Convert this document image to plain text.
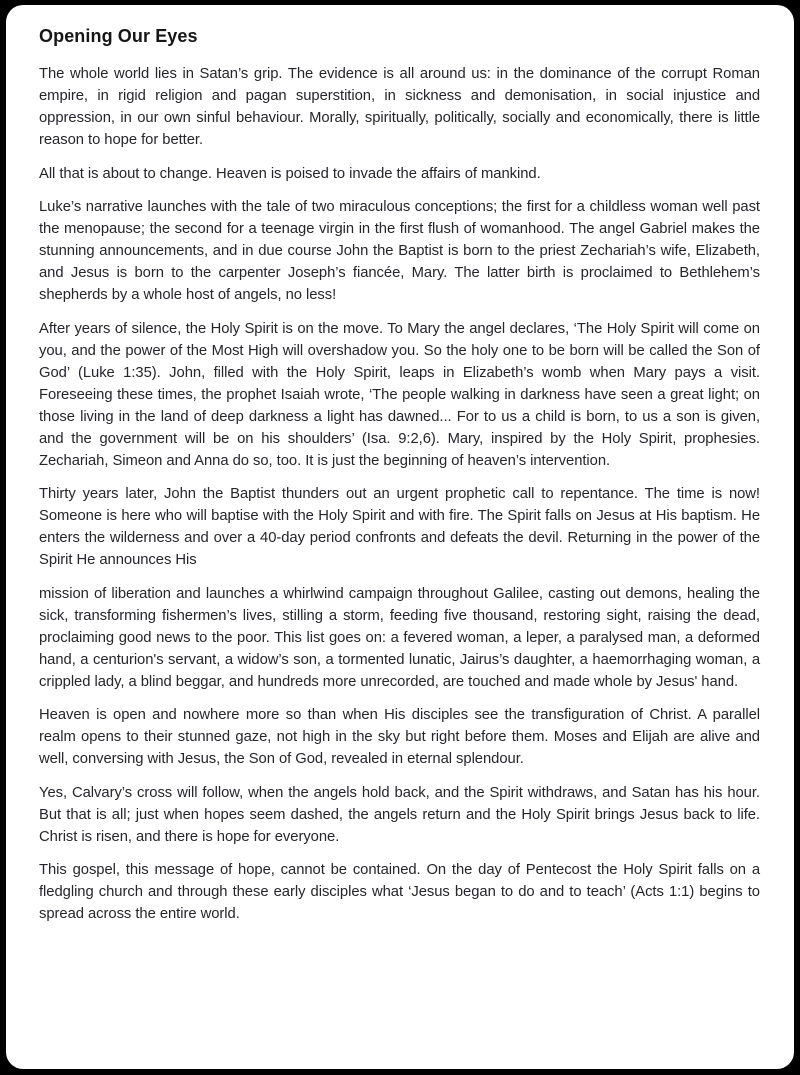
Opening Our Eyes

The whole world lies in Satan’s grip. The evidence is all around us: in the dominance of the corrupt Roman empire, in rigid religion and pagan superstition, in sickness and demonisation, in social injustice and oppression, in our own sinful behaviour. Morally, spiritually, politically, socially and economically, there is little reason to hope for better.

All that is about to change. Heaven is poised to invade the affairs of mankind.

Luke’s narrative launches with the tale of two miraculous conceptions; the first for a childless woman well past the menopause; the second for a teenage virgin in the first flush of womanhood. The angel Gabriel makes the stunning announcements, and in due course John the Baptist is born to the priest Zechariah’s wife, Elizabeth, and Jesus is born to the carpenter Joseph’s fiancée, Mary. The latter birth is proclaimed to Bethlehem’s shepherds by a whole host of angels, no less!

After years of silence, the Holy Spirit is on the move. To Mary the angel declares, ‘The Holy Spirit will come on you, and the power of the Most High will overshadow you. So the holy one to be born will be called the Son of God’ (Luke 1:35). John, filled with the Holy Spirit, leaps in Elizabeth’s womb when Mary pays a visit. Foreseeing these times, the prophet Isaiah wrote, ‘The people walking in darkness have seen a great light; on those living in the land of deep darkness a light has dawned... For to us a child is born, to us a son is given, and the government will be on his shoulders’ (Isa. 9:2,6). Mary, inspired by the Holy Spirit, prophesies. Zechariah, Simeon and Anna do so, too. It is just the beginning of heaven’s intervention.

Thirty years later, John the Baptist thunders out an urgent prophetic call to repentance. The time is now! Someone is here who will baptise with the Holy Spirit and with fire. The Spirit falls on Jesus at His baptism. He enters the wilderness and over a 40-day period confronts and defeats the devil. Returning in the power of the Spirit He announces His

mission of liberation and launches a whirlwind campaign throughout Galilee, casting out demons, healing the sick, transforming fishermen’s lives, stilling a storm, feeding five thousand, restoring sight, raising the dead, proclaiming good news to the poor. This list goes on: a fevered woman, a leper, a paralysed man, a deformed hand, a centurion's servant, a widow’s son, a tormented lunatic, Jairus’s daughter, a haemorrhaging woman, a crippled lady, a blind beggar, and hundreds more unrecorded, are touched and made whole by Jesus' hand.

Heaven is open and nowhere more so than when His disciples see the transfiguration of Christ. A parallel realm opens to their stunned gaze, not high in the sky but right before them. Moses and Elijah are alive and well, conversing with Jesus, the Son of God, revealed in eternal splendour.

Yes, Calvary’s cross will follow, when the angels hold back, and the Spirit withdraws, and Satan has his hour. But that is all; just when hopes seem dashed, the angels return and the Holy Spirit brings Jesus back to life. Christ is risen, and there is hope for everyone.

This gospel, this message of hope, cannot be contained. On the day of Pentecost the Holy Spirit falls on a fledgling church and through these early disciples what ‘Jesus began to do and to teach’ (Acts 1:1) begins to spread across the entire world.
